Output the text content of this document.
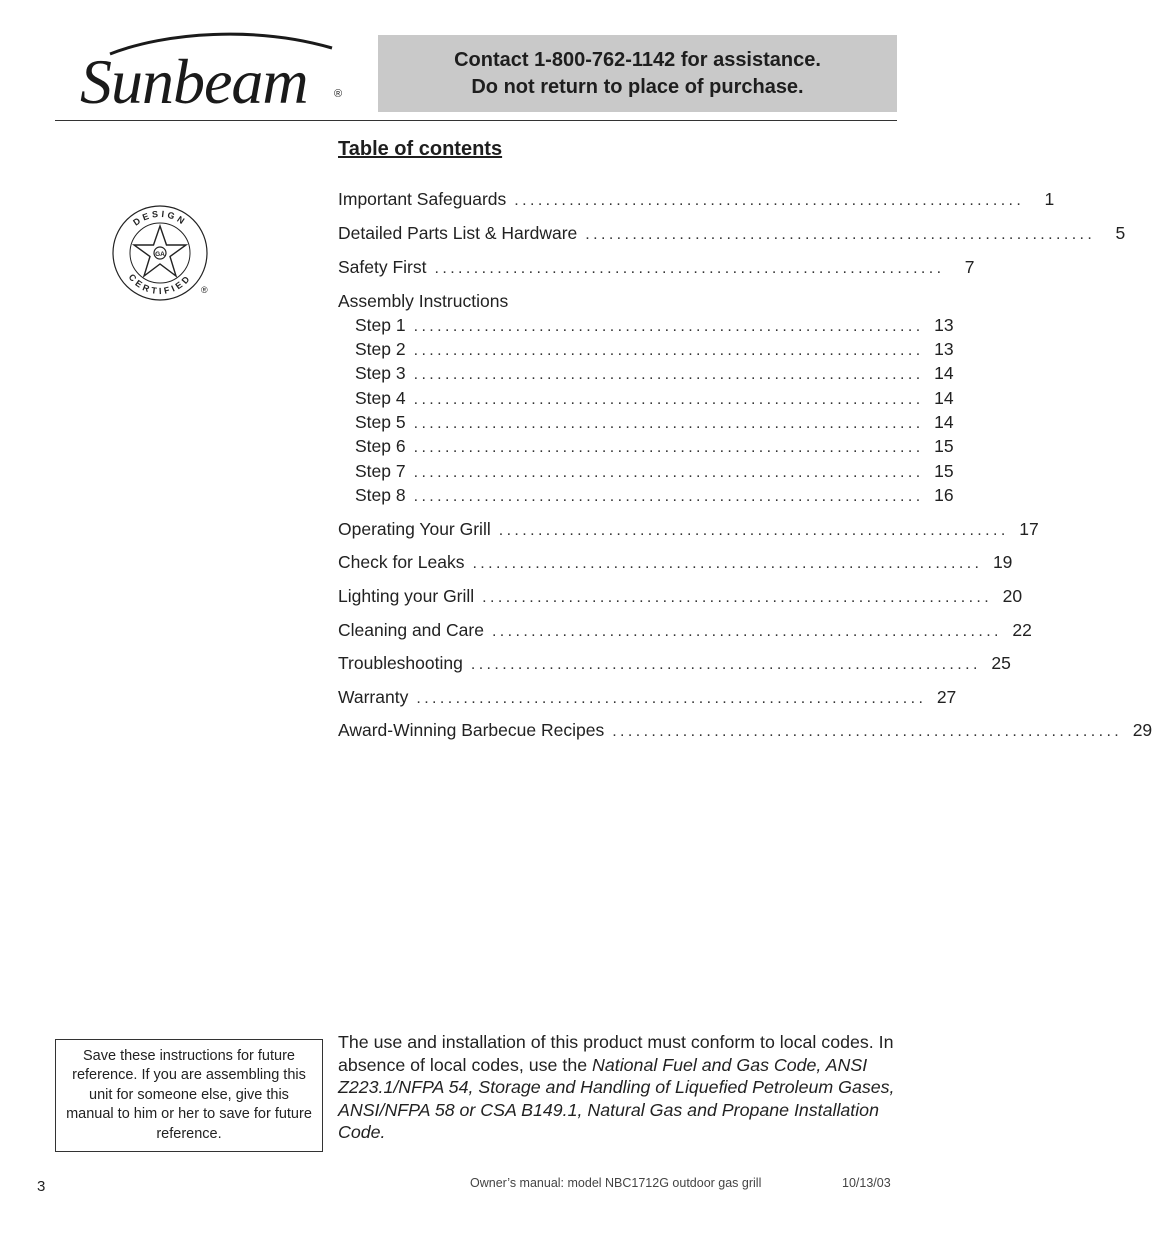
Sunbeam ®
Contact 1-800-762-1142 for assistance.
Do not return to place of purchase.
GA
DESIGN
CERTIFIED
®
Table of contents
Important Safeguards .................................................................	1
Detailed Parts List & Hardware .................................................................	5
Safety First .................................................................	7
Assembly Instructions
Step 1 ................................................................. 13
Step 2 ................................................................. 13
Step 3 ................................................................. 14
Step 4 ................................................................. 14
Step 5 ................................................................. 14
Step 6 ................................................................. 15
Step 7 ................................................................. 15
Step 8 ................................................................. 16
Operating Your Grill ................................................................. 17
Check for Leaks ................................................................. 19
Lighting your Grill ................................................................. 20
Cleaning and Care ................................................................. 22
Troubleshooting ................................................................. 25
Warranty ................................................................. 27
Award-Winning Barbecue Recipes ................................................................. 29
Save these instructions for future reference. If you are assembling this unit for someone else, give this manual to him or her to save for future reference.
The use and installation of this product must conform to local codes. In absence of local codes, use the National Fuel and Gas Code, ANSI Z223.1/NFPA 54, Storage and Handling of Liquefied Petroleum Gases, ANSI/NFPA 58 or CSA B149.1, Natural Gas and Propane Installation Code.
3	Owner’s manual: model NBC1712G outdoor gas grill	10/13/03
